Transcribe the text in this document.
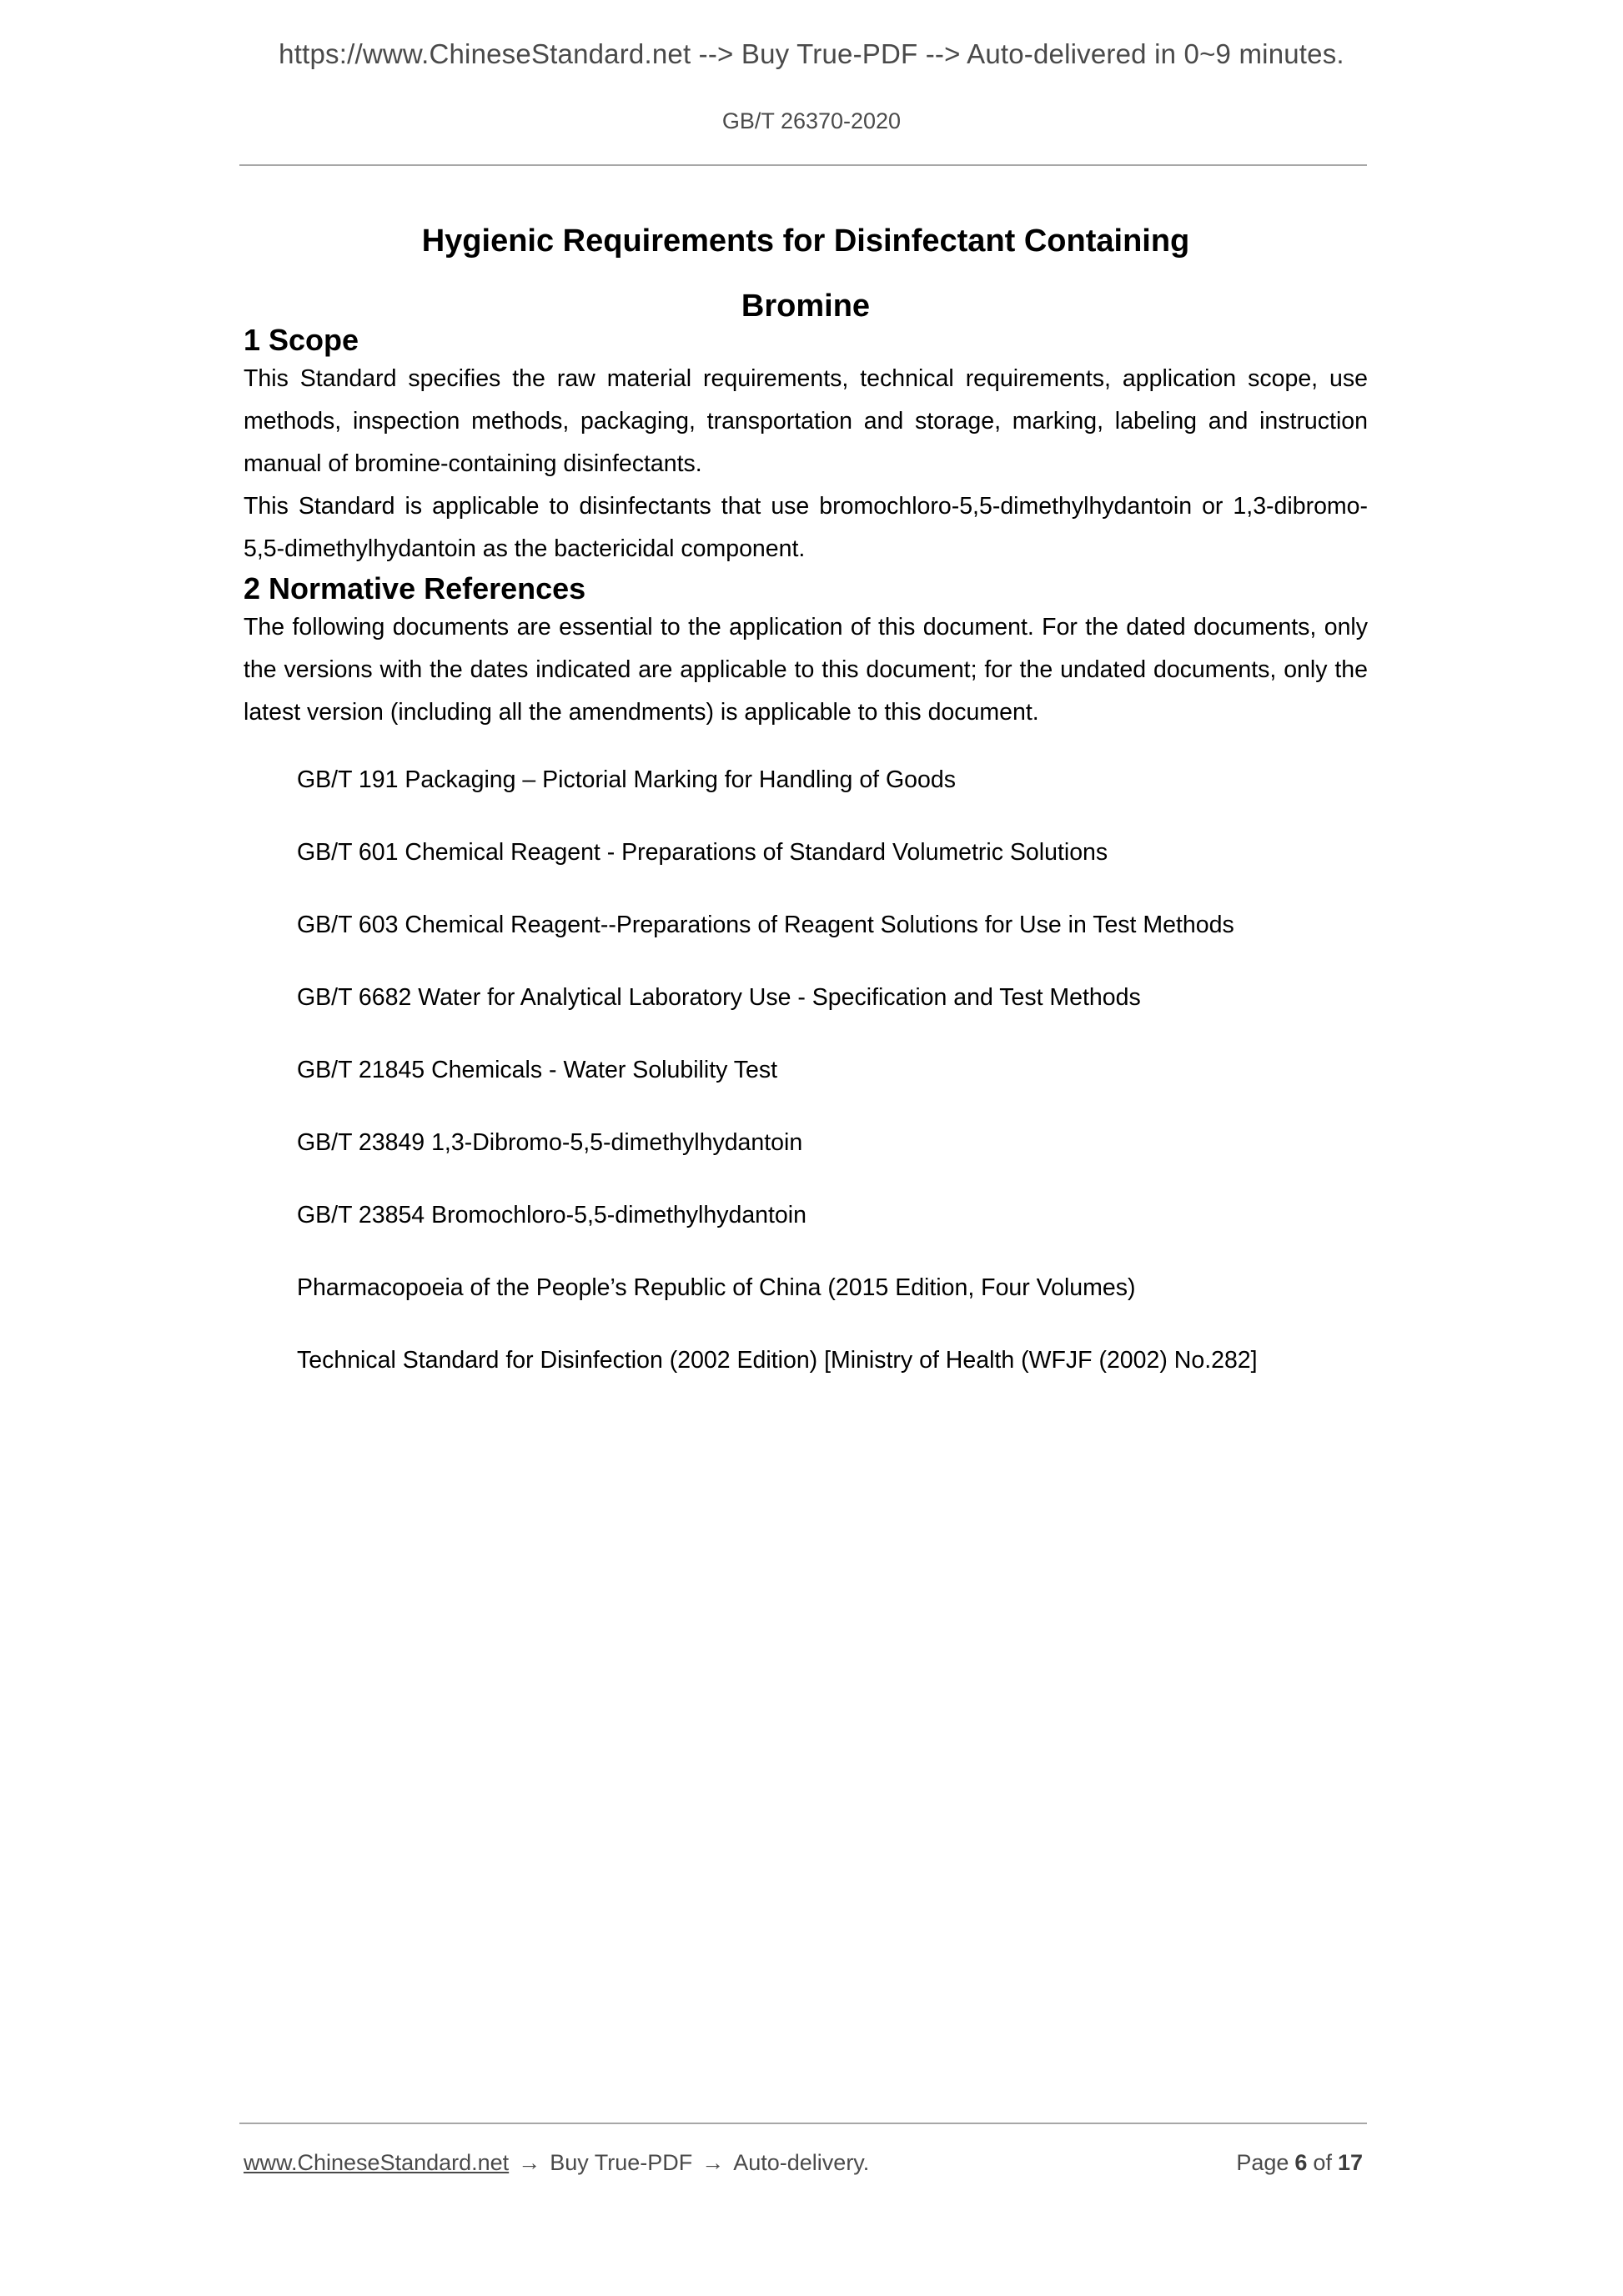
https://www.ChineseStandard.net --> Buy True-PDF --> Auto-delivered in 0~9 minutes.
GB/T 26370-2020
Hygienic Requirements for Disinfectant Containing
Bromine
1 Scope

This Standard specifies the raw material requirements, technical requirements, application scope, use methods, inspection methods, packaging, transportation and storage, marking, labeling and instruction manual of bromine-containing disinfectants.

This Standard is applicable to disinfectants that use bromochloro-5,5-dimethylhydantoin or 1,3-dibromo-5,5-dimethylhydantoin as the bactericidal component.

2 Normative References

The following documents are essential to the application of this document. For the dated documents, only the versions with the dates indicated are applicable to this document; for the undated documents, only the latest version (including all the amendments) is applicable to this document.

GB/T 191 Packaging – Pictorial Marking for Handling of Goods
GB/T 601 Chemical Reagent - Preparations of Standard Volumetric Solutions
GB/T 603 Chemical Reagent--Preparations of Reagent Solutions for Use in Test Methods
GB/T 6682 Water for Analytical Laboratory Use - Specification and Test Methods
GB/T 21845 Chemicals - Water Solubility Test
GB/T 23849 1,3-Dibromo-5,5-dimethylhydantoin
GB/T 23854 Bromochloro-5,5-dimethylhydantoin
Pharmacopoeia of the People’s Republic of China (2015 Edition, Four Volumes)
Technical Standard for Disinfection (2002 Edition) [Ministry of Health (WFJF (2002) No.282]
www.ChineseStandard.net → Buy True-PDF → Auto-delivery.	Page 6 of 17
